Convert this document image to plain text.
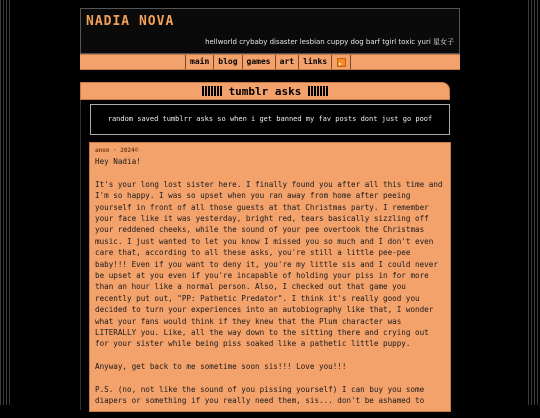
NADIA NOVA
hellworld crybaby disaster lesbian cuppy dog barf tgirl toxic yuri 星女子
main	blog	games	art	links
tumblr asks
random saved tumblrr asks so when i get banned my fav posts dont just go poof
anon · 2024©

Hey Nadia!

It's your long lost sister here. I finally found you after all this time and I'm so happy. I was so upset when you ran away from home after peeing yourself in front of all those guests at that Christmas party. I remember your face like it was yesterday, bright red, tears basically sizzling off your reddened cheeks, while the sound of your pee overtook the Christmas music. I just wanted to let you know I missed you so much and I don't even care that, according to all these asks, you're still a little pee-pee baby!!! Even if you want to deny it, you're my little sis and I could never be upset at you even if you're incapable of holding your piss in for more than an hour like a normal person. Also, I checked out that game you recently put out, "PP: Pathetic Predator". I think it's really good you decided to turn your experiences into an autobiography like that, I wonder what your fans would think if they knew that the Plum character was LITERALLY you. Like, all the way down to the sitting there and crying out for your sister while being piss soaked like a pathetic little puppy.

Anyway, get back to me sometime soon sis!!! Love you!!!

P.S. (no, not like the sound of you pissing yourself) I can buy you some diapers or something if you really need them, sis... don't be ashamed to
